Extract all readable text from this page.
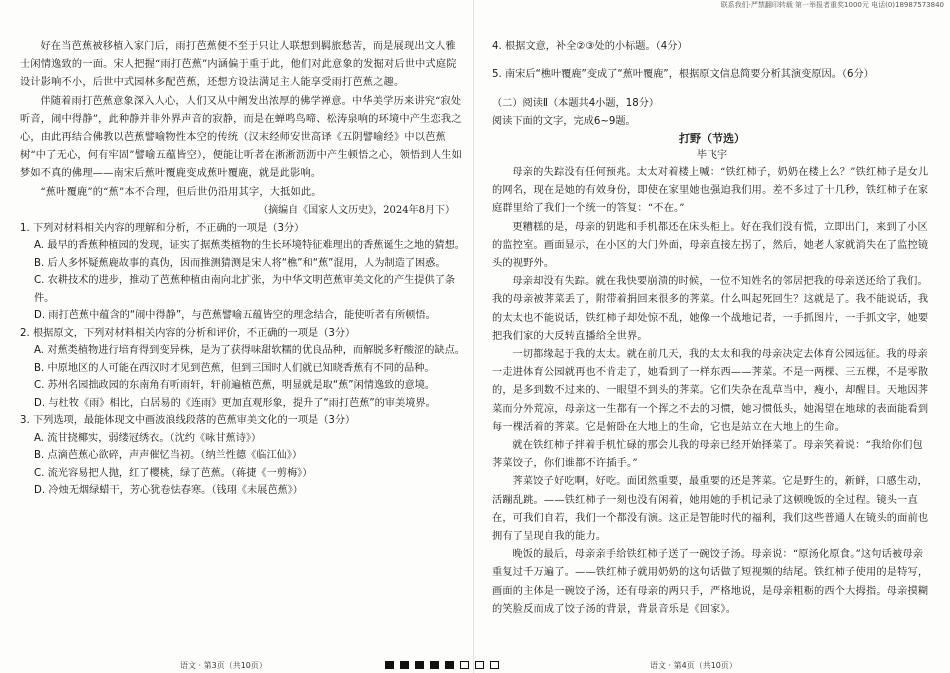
联系我们·严禁翻印转载 第一举报者重奖1000元 电话(0)18987573840

好在当芭蕉被移植入家门后，雨打芭蕉便不至于只让人联想到羁旅愁苦，而是展现出文人雅士闲情逸致的一面。宋人把握“雨打芭蕉”内涵偏于重于此，他们对此意象的发掘对后世中式庭院设计影响不小，后世中式园林多配芭蕉，还想方设法满足主人能享受雨打芭蕉之趣。

伴随着雨打芭蕉意象深入人心，人们又从中阐发出浓厚的佛学禅意。中华美学历来讲究“寂处听音，闹中得静”，此种静并非外界声音的寂静，而是在蝉鸣鸟啼、松涛泉响的环境中产生恋我之心，由此再结合佛教以芭蕉譬喻物性本空的传统（汉末经师安世高译《五阴譬喻经》中以芭蕉树“中了无心，何有牢固”譬喻五蕴皆空），便能让听者在淅淅沥沥中产生顿悟之心，领悟到人生如梦如不真的佛理——南宋后蕉叶覆鹿变成蕉叶覆鹿，就是此影响。

“蕉叶覆鹿”的“蕉”本不合理，但后世仍沿用其字，大抵如此。

（摘编自《国家人文历史》，2024年8月下）

1. 下列对材料相关内容的理解和分析，不正确的一项是（3分）

A. 最早的香蕉种植园的发现，证实了据蕉类植物的生长环境特征难理出的香蕉诞生之地的猜想。

B. 后人多怀疑蕉鹿故事的真伪，因而推测猜测是宋人将“樵”和“蕉”混用，人为制造了困惑。

C. 农耕技术的进步，推动了芭蕉种植由南向北扩张，为中华文明芭蕉审美文化的产生提供了条件。

D. 雨打芭蕉中蕴含的“闹中得静”，与芭蕉譬喻五蕴皆空的理念结合，能使听者有所顿悟。

2. 根据原文，下列对材料相关内容的分析和评价，不正确的一项是（3分）

A. 对蕉类植物进行培育得到变异株，是为了获得味甜软糯的优良品种，而解脱多籽酸涩的缺点。

B. 中原地区的人可能在西汉时才见到芭蕉，但到三国时人们就已知晓香蕉有不同的品种。

C. 苏州名园拙政园的东南角有听雨轩，轩前遍植芭蕉，明显就是取“蕉”闲情逸致的意境。

D. 与杜牧《雨》相比，白居易的《连雨》更加直观形象，提升了“雨打芭蕉”的审美境界。

3. 下列选项，最能体现文中画波浪线段落的芭蕉审美文化的一项是（3分）

A. 流甘挠椰实，弱缕冠绣衣。（沈约《咏甘蕉诗》）

B. 点滴芭蕉心欲碎，声声催忆当初。（纳兰性德《临江仙》）

C. 流光容易把人抛，红了樱桃，绿了芭蕉。（蒋捷《一剪梅》）

D. 冷烛无烟绿蜡干，芳心犹卷怯春寒。（钱珝《未展芭蕉》）

4. 根据文意，补全②③处的小标题。（4分）

5. 南宋后“樵叶覆鹿”变成了“蕉叶覆鹿”，根据原文信息简要分析其演变原因。（6分）

（二）阅读Ⅱ（本题共4小题，18分）

阅读下面的文字，完成6~9题。

打野（节选）

毕飞宇

母亲的失踪没有任何预兆。太太对着楼上喊：“铁红柿子，奶奶在楼上么？”铁红柿子是女儿的网名，现在是她的有效身份，即使在家里她也强迫我们用。差不多过了十几秒，铁红柿子在家庭群里给了我们一个统一的答复：“不在。”

更糟糕的是，母亲的钥匙和手机都还在床头柜上。好在我们没有慌，立即出门，来到了小区的监控室。画面显示，在小区的大门外面，母亲直接左拐了，然后，她老人家就消失在了监控镜头的视野外。

母亲却没有失踪。就在我快要崩溃的时候，一位不知姓名的邻居把我的母亲送还给了我们。我的母亲被荠菜丢了，附带着捐回来很多的荠菜。什么叫起死回生？这就是了。我不能说话，我的太太也不能说话，铁红柿子却处惊不乱，她像一个战地记者，一手抓图片，一手抓文字，她要把我们家的大反转直播给全世界。

一切都缘起于我的太太。就在前几天，我的太太和我的母亲决定去体育公园远征。我的母亲一走进体育公园就再也不肯走了，她看到了一样东西——荠菜。不是一两棵、三五棵，不是零散的，是多到数不过来的、一眼望不到头的荠菜。它们失杂在乱草当中，瘦小，却醒目。天地因荠菜而分外荒凉，母亲这一生都有一个挥之不去的习惯，她习惯低头，她渴望在地球的表面能看到每一棵活着的荠菜。它是俯卧在大地上的生命，它也是站立在大地上的生命。

就在铁红柿子拌着手机忙碌的那会儿我的母亲已经开始择菜了。母亲笑着说：“我给你们包荠菜饺子，你们谁都不许插手。”

荠菜饺子好吃啊，好吃。面团然重要，最重要的还是荠菜。它是野生的，新鲜，口感生动，活蹦乱跳。——铁红柿子一刻也没有闲着，她用她的手机记录了这顿晚饭的全过程。镜头一直在，可我们自若，我们一个都没有演。这正是智能时代的福利，我们这些普通人在镜头的面前也拥有了呈现自我的能力。

晚饭的最后，母亲亲手给铁红柿子送了一碗饺子汤。母亲说：“原汤化原食。”这句话被母亲重复过千万遍了。——铁红柿子就用奶奶的这句话做了短视频的结尾。铁红柿子使用的是特写，画面的主体是一碗饺子汤，还有母亲的两只手，严格地说，是母亲粗粝的西个大拇指。母亲摸糊的笑脸反而成了饺子汤的背景，背景音乐是《回家》。

语文 · 第3页（共10页）	语文 · 第4页（共10页）
